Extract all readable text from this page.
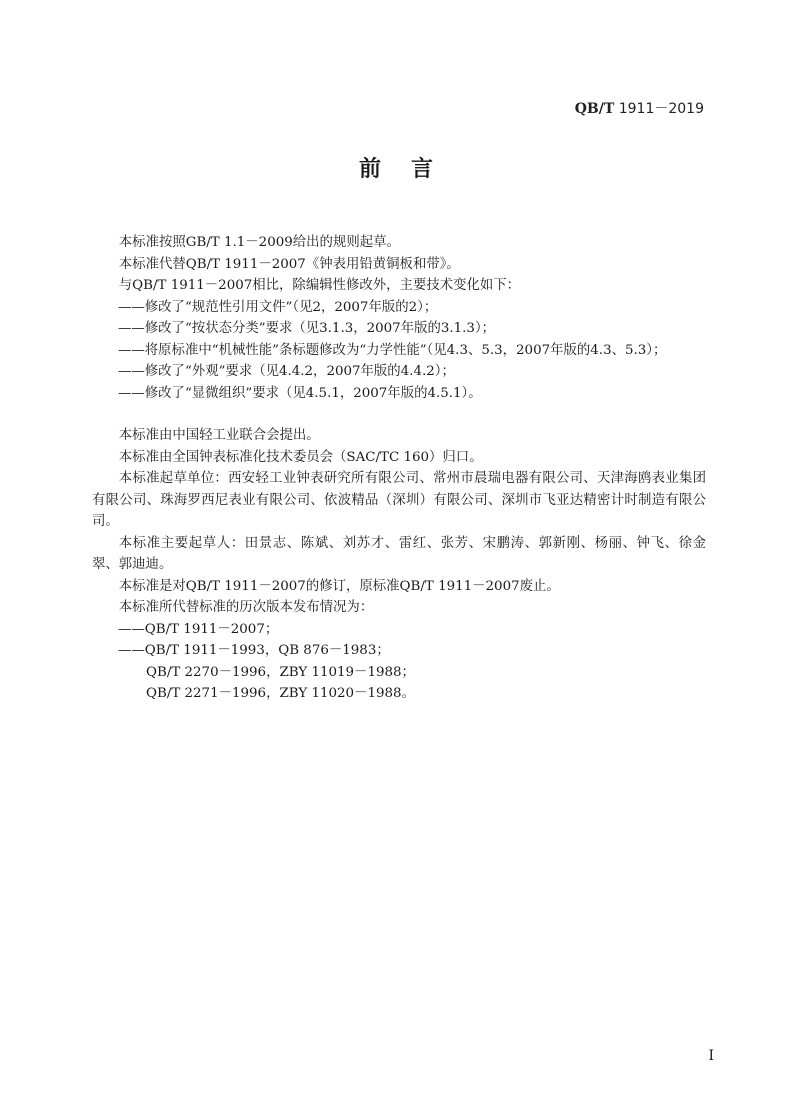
QB/T 1911－2019
前言

本标准按照GB/T 1.1－2009给出的规则起草。

本标准代替QB/T 1911－2007《钟表用铅黄铜板和带》。

与QB/T 1911－2007相比，除编辑性修改外，主要技术变化如下：

——修改了“规范性引用文件”（见2，2007年版的2）；

——修改了“按状态分类”要求（见3.1.3，2007年版的3.1.3）；

——将原标准中“机械性能”条标题修改为“力学性能”（见4.3、5.3，2007年版的4.3、5.3）；

——修改了“外观”要求（见4.4.2，2007年版的4.4.2）；

——修改了“显微组织”要求（见4.5.1，2007年版的4.5.1）。

本标准由中国轻工业联合会提出。

本标准由全国钟表标准化技术委员会（SAC/TC 160）归口。

本标准起草单位：西安轻工业钟表研究所有限公司、常州市晨瑞电器有限公司、天津海鸥表业集团有限公司、珠海罗西尼表业有限公司、依波精品（深圳）有限公司、深圳市飞亚达精密计时制造有限公司。

本标准主要起草人：田景志、陈斌、刘苏才、雷红、张芳、宋鹏涛、郭新刚、杨丽、钟飞、徐金翠、郭迪迪。

本标准是对QB/T 1911－2007的修订，原标准QB/T 1911－2007废止。

本标准所代替标准的历次版本发布情况为：

——QB/T 1911－2007；

——QB/T 1911－1993，QB 876－1983；

QB/T 2270－1996，ZBY 11019－1988；

QB/T 2271－1996，ZBY 11020－1988。

I
